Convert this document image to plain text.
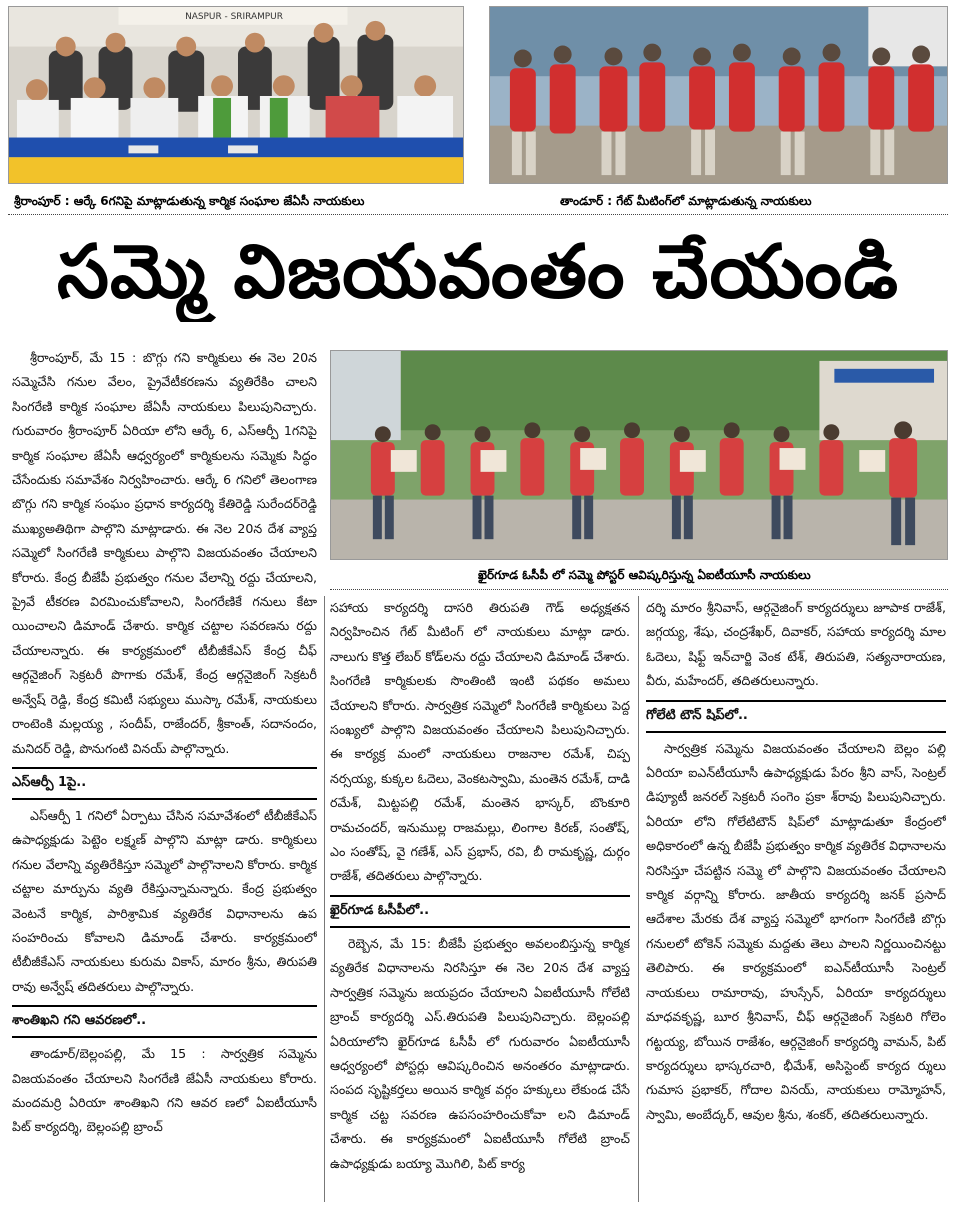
NASPUR - SRIRAMPUR
శ్రీరాంపూర్ : ఆర్కే 6గనిపై మాట్లాడుతున్న కార్మిక సంఘాల జేఏసీ నాయకులు	తాండూర్ : గేట్ మీటింగ్‌లో మాట్లాడుతున్న నాయకులు
సమ్మె విజయవంతం చేయండి
ఖైర్‌గూడ ఓసీపీ లో సమ్మె పోస్టర్ ఆవిష్కరిస్తున్న ఏఐటీయూసీ నాయకులు

శ్రీరాంపూర్, మే 15 : బొగ్గు గని కార్మికులు ఈ నెల 20న సమ్మెచేసి గనుల వేలం, ప్రైవేటీకరణను వ్యతిరేకిం చాలని సింగరేణి కార్మిక సంఘాల జేఏసీ నాయకులు పిలుపునిచ్చారు. గురువారం శ్రీరాంపూర్ ఏరియా లోని ఆర్కే 6, ఎస్ఆర్పీ 1గనిపై కార్మిక సంఘాల జేఏసీ ఆధ్వర్యంలో కార్మికులను సమ్మెకు సిద్ధం చేసేందుకు సమావేశం నిర్వహించారు. ఆర్కే 6 గనిలో తెలంగాణ బొగ్గు గని కార్మిక సంఘం ప్రధాన కార్యదర్శి కేతిరెడ్డి సురేందర్‌రెడ్డి ముఖ్యఅతిథిగా పాల్గొని మాట్లాడారు. ఈ నెల 20న దేశ వ్యాప్త సమ్మెలో సింగరేణి కార్మికులు పాల్గొని విజయవంతం చేయాలని కోరారు. కేంద్ర బీజేపీ ప్రభుత్వం గనుల వేలాన్ని రద్దు చేయాలని, ప్రైవే టీకరణ విరమించుకోవాలని, సింగరేణికే గనులు కేటా యించాలని డిమాండ్ చేశారు. కార్మిక చట్టాల సవరణను రద్దు చేయాలన్నారు. ఈ కార్యక్రమంలో టీబీజీకేఎస్ కేంద్ర చీఫ్ ఆర్గనైజింగ్ సెక్రటరీ పొగాకు రమేశ్, కేంద్ర ఆర్గనైజింగ్ సెక్రటరీ అన్వేష్ రెడ్డి, కేంద్ర కమిటీ సభ్యులు ముస్కా రమేశ్, నాయకులు రాంటెంకి మల్లయ్య , సందీప్, రాజేందర్, శ్రీకాంత్, సదానందం, మనిదర్ రెడ్డి, పొనుగంటి వినయ్ పాల్గొన్నారు.

ఎస్ఆర్పీ 1పై..

ఎస్ఆర్పీ 1 గనిలో ఏర్పాటు చేసిన సమావేశంలో టీబీజీకేఎస్ ఉపాధ్యక్షుడు పెట్టెం లక్ష్మణ్ పాల్గొని మాట్లా డారు. కార్మికులు గనుల వేలాన్ని వ్యతిరేకిస్తూ సమ్మెలో పాల్గొనాలని కోరారు. కార్మిక చట్టాల మార్పును వ్యతి రేకిస్తున్నామన్నారు. కేంద్ర ప్రభుత్వం వెంటనే కార్మిక, పారిశ్రామిక వ్యతిరేక విధానాలను ఉప సంహరించు కోవాలని డిమాండ్ చేశారు. కార్యక్రమంలో టీబీజీకేఎస్ నాయకులు కురుమ వికాస్, మారం శ్రీను, తిరుపతి రావు అన్వేష్ తదితరులు పాల్గొన్నారు.

శాంతిఖని గని ఆవరణలో..

తాండూర్/బెల్లంపల్లి, మే 15 : సార్వత్రిక సమ్మెను విజయవంతం చేయాలని సింగరేణి జేఏసీ నాయకులు కోరారు. మందమర్రి ఏరియా శాంతిఖని గని ఆవర ణలో ఏఐటీయూసీ పిట్ కార్యదర్శి, బెల్లంపల్లి బ్రాంచ్

సహాయ కార్యదర్శి దాసరి తిరుపతి గౌడ్ అధ్యక్షతన నిర్వహించిన గేట్ మీటింగ్ లో నాయకులు మాట్లా డారు. నాలుగు కొత్త లేబర్ కోడ్‌లను రద్దు చేయాలని డిమాండ్ చేశారు. సింగరేణి కార్మికులకు సొంతింటి ఇంటి పథకం అమలు చేయాలని కోరారు. సార్వత్రిక సమ్మెలో సింగరేణి కార్మికులు పెద్ద సంఖ్యలో పాల్గొని విజయవంతం చేయాలని పిలుపునిచ్చారు. ఈ కార్యక్ర మంలో నాయకులు రాజనాల రమేశ్, చిప్ప నర్సయ్య, కుక్కల ఓదెలు, వెంకటస్వామి, మంతెన రమేశ్, దాడి రమేశ్, మిట్టపల్లి రమేశ్, మంతెన భాస్కర్, బొంకూరి రామచందర్, ఇనుముల్ల రాజమల్లు, లింగాల కిరణ్, సంతోష్, ఎం సంతోష్, వై గణేశ్, ఎస్ ప్రభాస్, రవి, బీ రామకృష్ణ, దుర్గం రాజేశ్, తదితరులు పాల్గొన్నారు.

ఖైర్‌గూడ ఓసీపీలో..

రెబ్బెన, మే 15: బీజేపీ ప్రభుత్వం అవలంబిస్తున్న కార్మిక వ్యతిరేక విధానాలను నిరసిస్తూ ఈ నెల 20న దేశ వ్యాప్త సార్వత్రిక సమ్మెను జయప్రదం చేయాలని ఏఐటీయూసీ గోలేటి బ్రాంచ్ కార్యదర్శి ఎస్.తిరుపతి పిలుపునిచ్చారు. బెల్లంపల్లి ఏరియాలోని ఖైర్‌గూడ ఓసీపీ లో గురువారం ఏఐటీయూసీ ఆధ్వర్యంలో పోస్టర్లు ఆవిష్కరించిన అనంతరం మాట్లాడారు. సంపద సృష్టికర్తలు అయిన కార్మిక వర్గం హక్కులు లేకుండ చేసే కార్మిక చట్ట సవరణ ఉపసంహరించుకోవా లని డిమాండ్ చేశారు. ఈ కార్యక్రమంలో ఏఐటీయూసీ గోలేటి బ్రాంచ్ ఉపాధ్యక్షుడు బయ్యా మొగిలి, పిట్ కార్య

దర్శి మారం శ్రీనివాస్, ఆర్గనైజింగ్ కార్యదర్శులు జూపాక రాజేశ్, జగ్గయ్య, శేషు, చంద్రశేఖర్, దివాకర్, సహాయ కార్యదర్శి మాల ఓదెలు, షిఫ్ట్ ఇన్‌చార్జి వెంక టేశ్, తిరుపతి, సత్యనారాయణ, వీరు, మహేందర్, తదితరులున్నారు.

గోలేటి టౌన్ షిప్‌లో..

సార్వత్రిక సమ్మెను విజయవంతం చేయాలని బెల్లం పల్లి ఏరియా ఐఎన్‌టీయూసీ ఉపాధ్యక్షుడు పేరం శ్రీని వాస్, సెంట్రల్ డిప్యూటీ జనరల్ సెక్రటరీ సంగెం ప్రకా శ్‌రావు పిలుపునిచ్చారు. ఏరియా లోని గోలేటిటౌన్ షిప్‌లో మాట్లాడుతూ కేంద్రంలో అధికారంలో ఉన్న బీజేపీ ప్రభుత్వం కార్మిక వ్యతిరేక విధానాలను నిరసిస్తూ చేపట్టిన సమ్మె లో పాల్గొని విజయవంతం చేయాలని కార్మిక వర్గాన్ని కోరారు. జాతీయ కార్యదర్శి జనక్ ప్రసాద్ ఆదేశాల మేరకు దేశ వ్యాప్త సమ్మెలో భాగంగా సింగరేణి బొగ్గు గనులలో టోకెన్ సమ్మెకు మద్దతు తెలు పాలని నిర్ణయించినట్టు తెలిపారు. ఈ కార్యక్రమంలో ఐఎన్‌టీయూసీ సెంట్రల్ నాయకులు రామారావు, హుస్సేన్, ఏరియా కార్యదర్శులు మాధవకృష్ణ, బూర శ్రీనివాస్, చీఫ్ ఆర్గనైజింగ్ సెక్రటరి గోలెం గట్టయ్య, బోయిన రాజేశం, ఆర్గనైజింగ్ కార్యదర్శి వామన్, పిట్ కార్యదర్శులు భాస్కరచారి, భీమేశ్, అసిస్టెంట్ కార్యద ర్శులు గుమాస ప్రభాకర్, గోదాల వినయ్, నాయకులు రామ్మోహన్, స్వామి, అంబేద్కర్, ఆవుల శ్రీను, శంకర్, తదితరులున్నారు.
